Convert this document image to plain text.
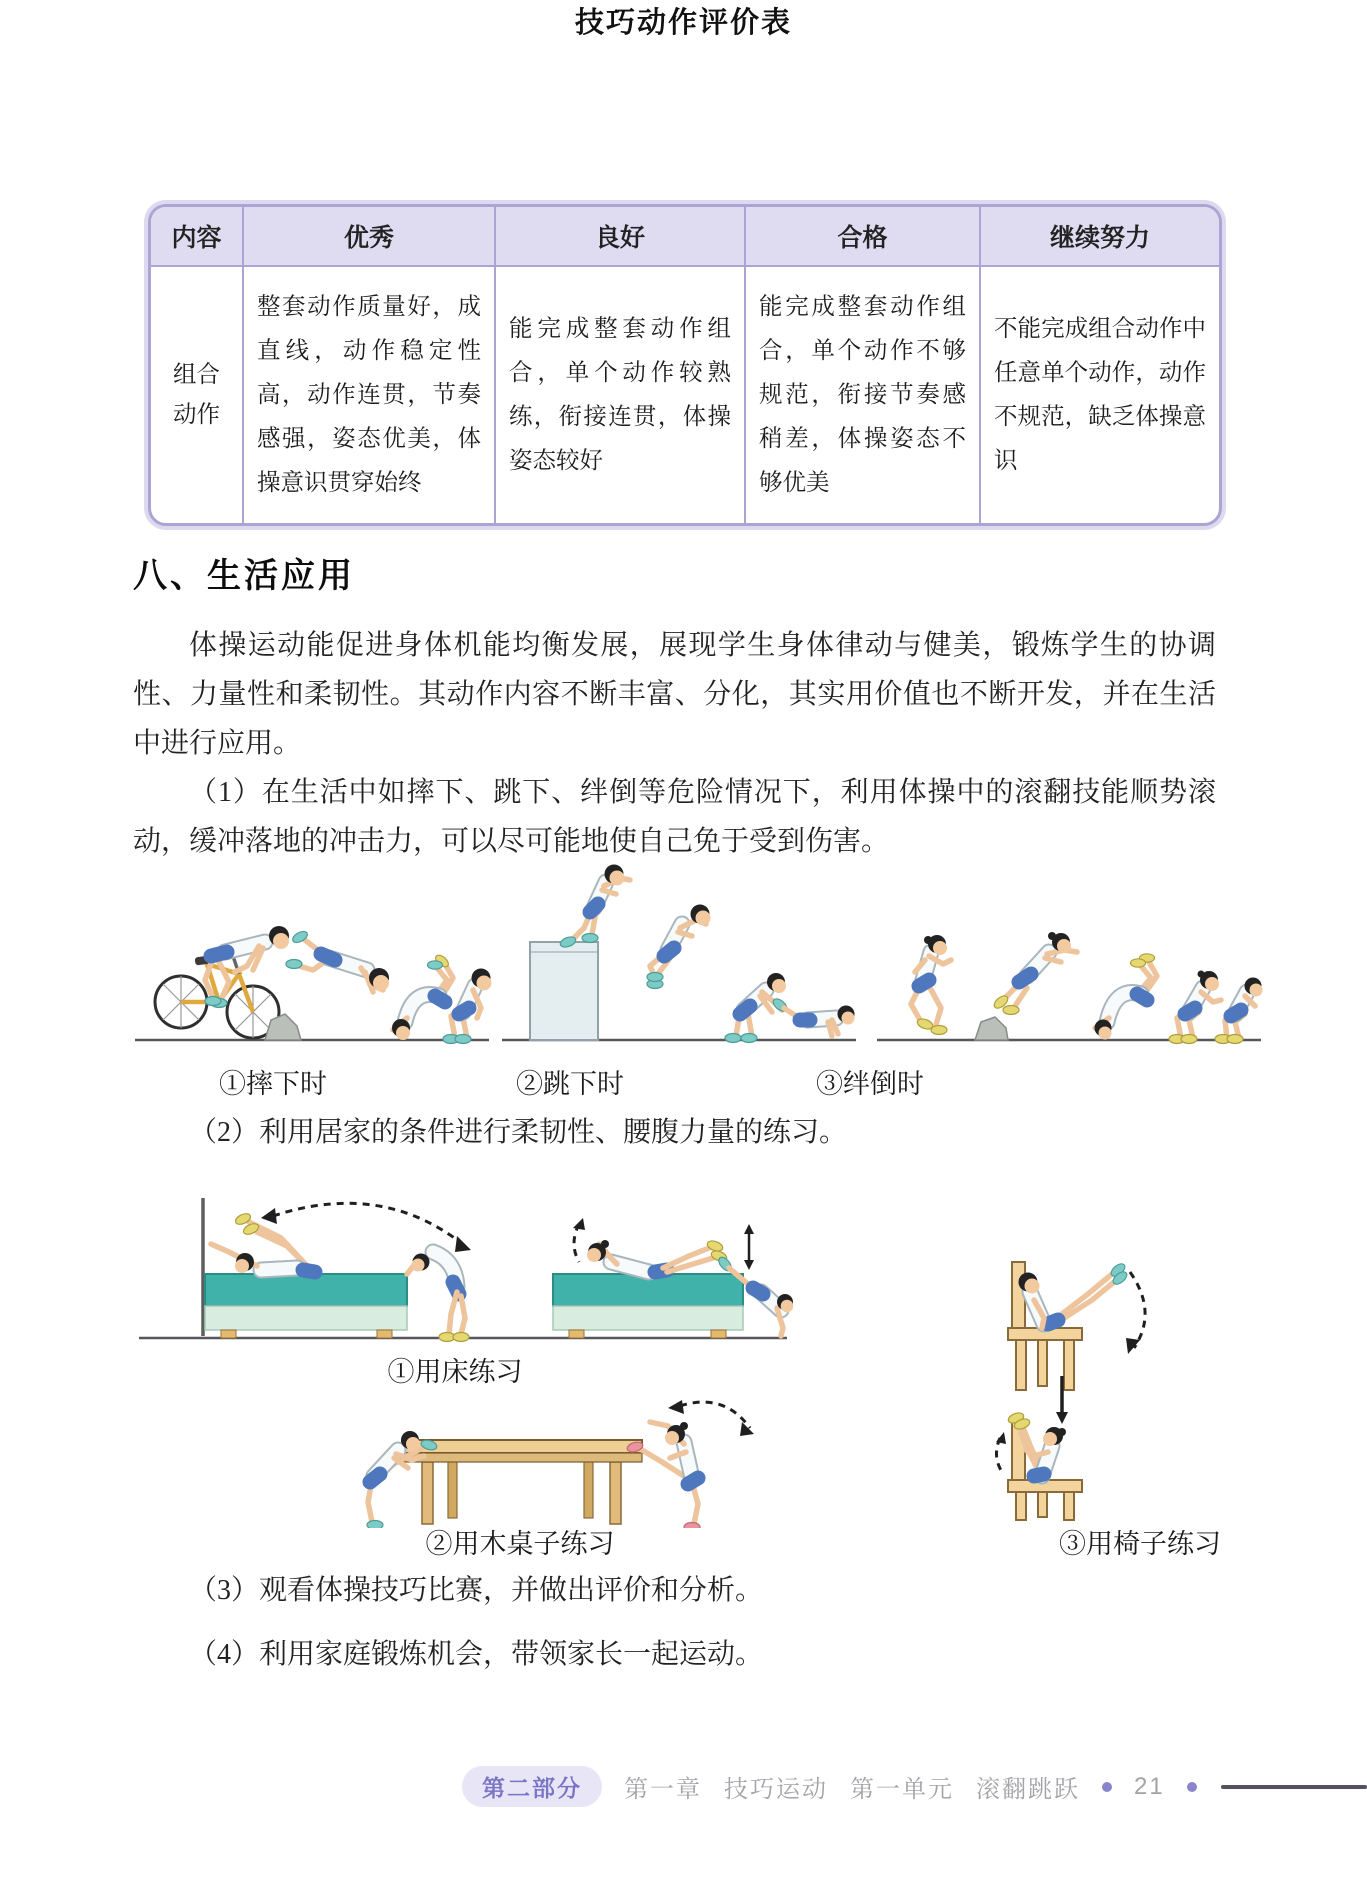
技巧动作评价表
内容	优秀	良好	合格	继续努力
组合动作	整套动作质量好，成直线，动作稳定性高，动作连贯，节奏感强，姿态优美，体操意识贯穿始终	能完成整套动作组合，单个动作较熟练，衔接连贯，体操姿态较好	能完成整套动作组合，单个动作不够规范，衔接节奏感稍差，体操姿态不够优美	不能完成组合动作中任意单个动作，动作不规范，缺乏体操意识
八、生活应用

体操运动能促进身体机能均衡发展，展现学生身体律动与健美，锻炼学生的协调性、力量性和柔韧性。其动作内容不断丰富、分化，其实用价值也不断开发，并在生活中进行应用。

（1）在生活中如摔下、跳下、绊倒等危险情况下，利用体操中的滚翻技能顺势滚动，缓冲落地的冲击力，可以尽可能地使自己免于受到伤害。

①摔下时	②跳下时	③绊倒时

（2）利用居家的条件进行柔韧性、腰腹力量的练习。

①用床练习
②用木桌子练习	③用椅子练习

（3）观看体操技巧比赛，并做出评价和分析。

（4）利用家庭锻炼机会，带领家长一起运动。

第二部分	第一章 技巧运动 第一单元 滚翻跳跃 21
